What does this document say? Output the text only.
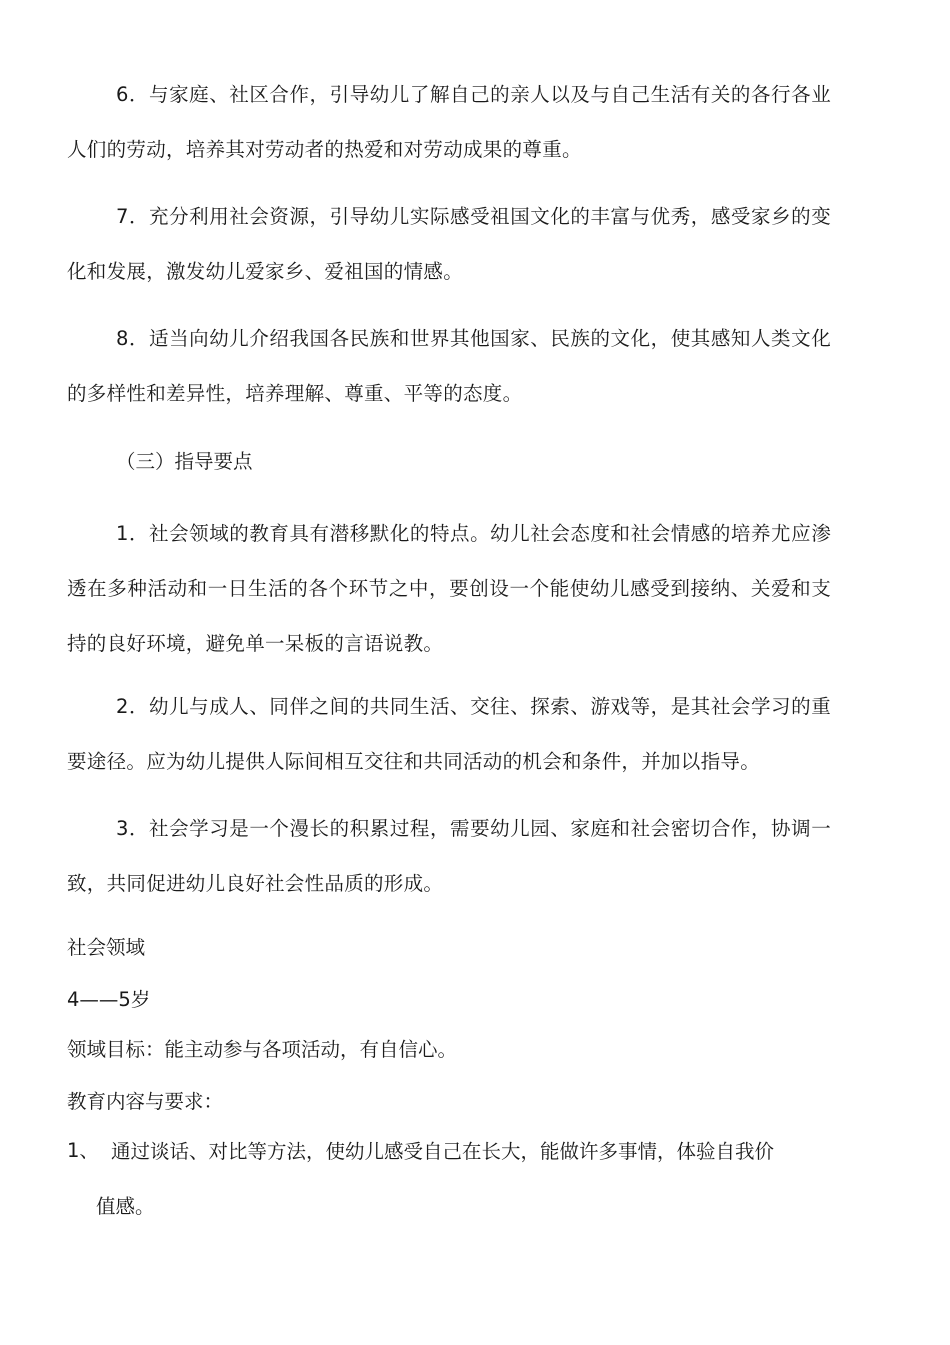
6．与家庭、社区合作，引导幼儿了解自己的亲人以及与自己生活有关的各行各业人们的劳动，培养其对劳动者的热爱和对劳动成果的尊重。

7．充分利用社会资源，引导幼儿实际感受祖国文化的丰富与优秀，感受家乡的变化和发展，激发幼儿爱家乡、爱祖国的情感。

8．适当向幼儿介绍我国各民族和世界其他国家、民族的文化，使其感知人类文化的多样性和差异性，培养理解、尊重、平等的态度。

（三）指导要点

1．社会领域的教育具有潜移默化的特点。幼儿社会态度和社会情感的培养尤应渗透在多种活动和一日生活的各个环节之中，要创设一个能使幼儿感受到接纳、关爱和支持的良好环境，避免单一呆板的言语说教。

2．幼儿与成人、同伴之间的共同生活、交往、探索、游戏等，是其社会学习的重要途径。应为幼儿提供人际间相互交往和共同活动的机会和条件，并加以指导。

3．社会学习是一个漫长的积累过程，需要幼儿园、家庭和社会密切合作，协调一致，共同促进幼儿良好社会性品质的形成。

社会领域

4——5岁

领域目标：能主动参与各项活动，有自信心。

教育内容与要求：

1、 通过谈话、对比等方法，使幼儿感受自己在长大，能做许多事情，体验自我价
值感。
